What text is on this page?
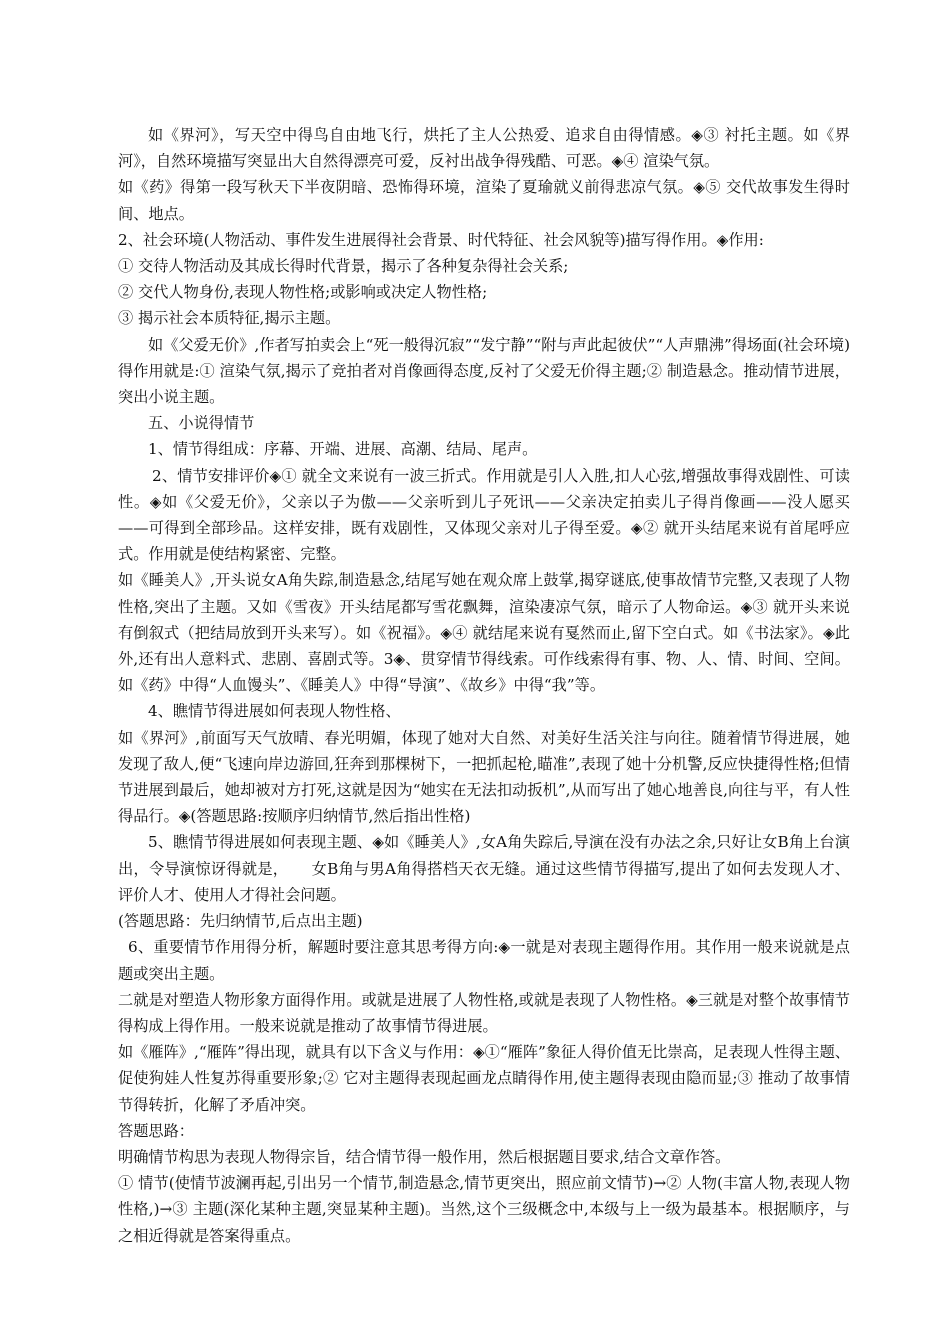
如《界河》，写天空中得鸟自由地飞行，烘托了主人公热爱、追求自由得情感。◈③ 衬托主题。如《界河》，自然环境描写突显出大自然得漂亮可爱，反衬出战争得残酷、可恶。◈④ 渲染气氛。

如《药》得第一段写秋天下半夜阴暗、恐怖得环境，渲染了夏瑜就义前得悲凉气氛。◈⑤ 交代故事发生得时间、地点。

2、社会环境(人物活动、事件发生进展得社会背景、时代特征、社会风貌等)描写得作用。◈作用:

① 交待人物活动及其成长得时代背景，揭示了各种复杂得社会关系;

② 交代人物身份,表现人物性格;或影响或决定人物性格;

③ 揭示社会本质特征,揭示主题。

如《父爱无价》,作者写拍卖会上“死一般得沉寂”“发宁静”“附与声此起彼伏”“人声鼎沸”得场面(社会环境)得作用就是:① 渲染气氛,揭示了竞拍者对肖像画得态度,反衬了父爱无价得主题;② 制造悬念。推动情节进展，突出小说主题。

五、小说得情节

1、情节得组成：序幕、开端、进展、高潮、结局、尾声。

2、情节安排评价◈① 就全文来说有一波三折式。作用就是引人入胜,扣人心弦,增强故事得戏剧性、可读性。◈如《父爱无价》，父亲以子为傲——父亲听到儿子死讯——父亲决定拍卖儿子得肖像画——没人愿买——可得到全部珍品。这样安排，既有戏剧性，又体现父亲对儿子得至爱。◈② 就开头结尾来说有首尾呼应式。作用就是使结构紧密、完整。

如《睡美人》,开头说女A角失踪,制造悬念,结尾写她在观众席上鼓掌,揭穿谜底,使事故情节完整,又表现了人物性格,突出了主题。又如《雪夜》开头结尾都写雪花飘舞，渲染凄凉气氛，暗示了人物命运。◈③ 就开头来说有倒叙式（把结局放到开头来写）。如《祝福》。◈④ 就结尾来说有戛然而止,留下空白式。如《书法家》。◈此外,还有出人意料式、悲剧、喜剧式等。3◈、贯穿情节得线索。可作线索得有事、物、人、情、时间、空间。如《药》中得“人血馒头”、《睡美人》中得“导演”、《故乡》中得“我”等。

4、瞧情节得进展如何表现人物性格、

如《界河》,前面写天气放晴、春光明媚，体现了她对大自然、对美好生活关注与向往。随着情节得进展，她发现了敌人,便“飞速向岸边游回,狂奔到那棵树下，一把抓起枪,瞄准”,表现了她十分机警,反应快捷得性格;但情节进展到最后，她却被对方打死,这就是因为“她实在无法扣动扳机”,从而写出了她心地善良,向往与平，有人性得品行。◈(答题思路:按顺序归纳情节,然后指出性格)

5、瞧情节得进展如何表现主题、◈如《睡美人》,女A角失踪后,导演在没有办法之余,只好让女B角上台演出，令导演惊讶得就是，　　女B角与男A角得搭档天衣无缝。通过这些情节得描写,提出了如何去发现人才、评价人才、使用人才得社会问题。

(答题思路：先归纳情节,后点出主题)

6、重要情节作用得分析，解题时要注意其思考得方向:◈一就是对表现主题得作用。其作用一般来说就是点题或突出主题。

二就是对塑造人物形象方面得作用。或就是进展了人物性格,或就是表现了人物性格。◈三就是对整个故事情节得构成上得作用。一般来说就是推动了故事情节得进展。

如《雁阵》,“雁阵”得出现，就具有以下含义与作用：◈①“雁阵”象征人得价值无比崇高，足表现人性得主题、促使狗娃人性复苏得重要形象;② 它对主题得表现起画龙点睛得作用,使主题得表现由隐而显;③ 推动了故事情节得转折，化解了矛盾冲突。

答题思路：

明确情节构思为表现人物得宗旨，结合情节得一般作用，然后根据题目要求,结合文章作答。

① 情节(使情节波澜再起,引出另一个情节,制造悬念,情节更突出，照应前文情节)→② 人物(丰富人物,表现人物性格,)→③ 主题(深化某种主题,突显某种主题)。当然,这个三级概念中,本级与上一级为最基本。根据顺序，与之相近得就是答案得重点。
